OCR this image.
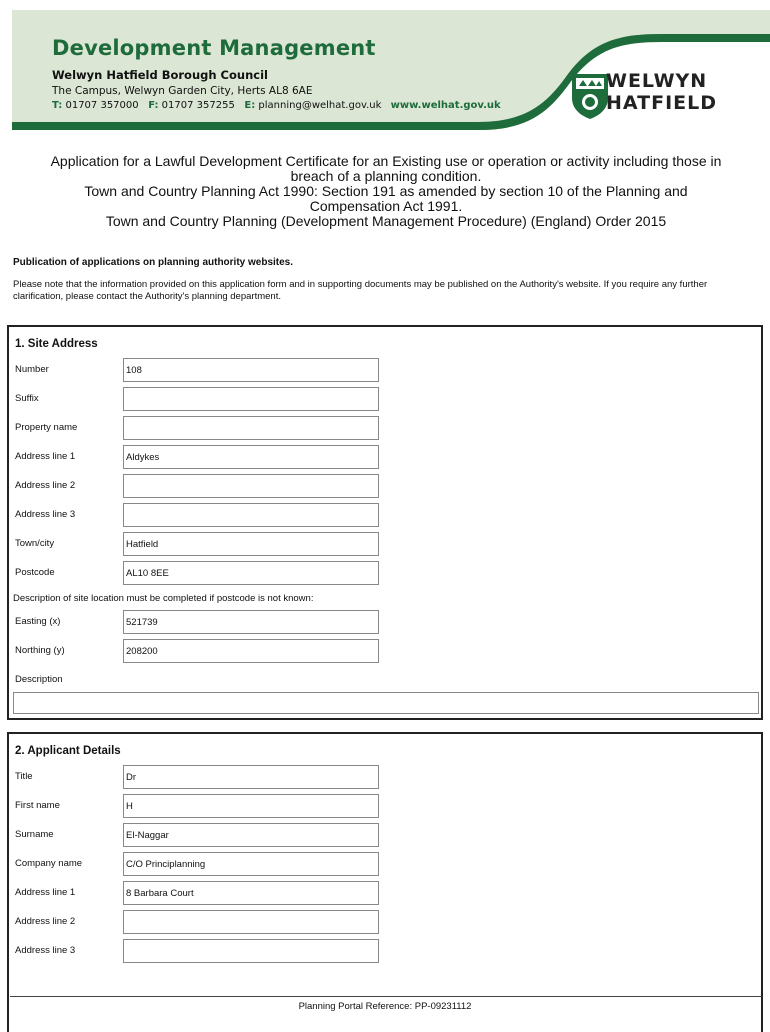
Development Management
Welwyn Hatfield Borough Council
The Campus, Welwyn Garden City, Herts AL8 6AE
T: 01707 357000 F: 01707 357255 E: planning@welhat.gov.uk www.welhat.gov.uk
WELWYN
HATFIELD
Application for a Lawful Development Certificate for an Existing use or operation or activity including those in
breach of a planning condition.
Town and Country Planning Act 1990: Section 191 as amended by section 10 of the Planning and
Compensation Act 1991.
Town and Country Planning (Development Management Procedure) (England) Order 2015
Publication of applications on planning authority websites.
Please note that the information provided on this application form and in supporting documents may be published on the Authority's website. If you require any further clarification, please contact the Authority's planning department.
1. Site Address
Number	108
Suffix
Property name
Address line 1	Aldykes
Address line 2
Address line 3
Town/city	Hatfield
Postcode	AL10 8EE
Description of site location must be completed if postcode is not known:
Easting (x)	521739
Northing (y)	208200
Description
2. Applicant Details
Title	Dr
First name	H
Surname	El-Naggar
Company name	C/O Principlanning
Address line 1	8 Barbara Court
Address line 2
Address line 3
Planning Portal Reference: PP-09231112
